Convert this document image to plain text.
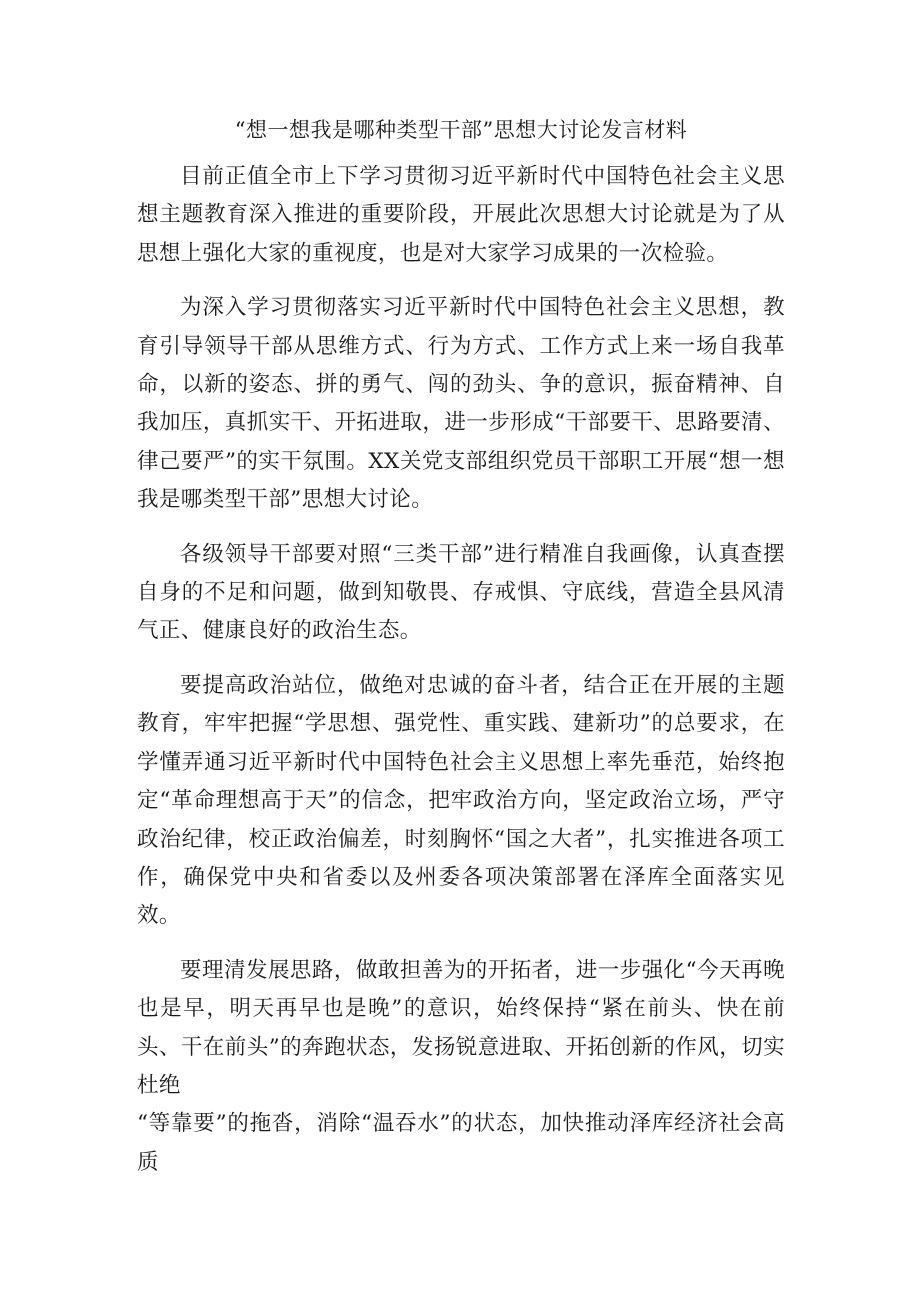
“想一想我是哪种类型干部”思想大讨论发言材料

目前正值全市上下学习贯彻习近平新时代中国特色社会主义思想主题教育深入推进的重要阶段，开展此次思想大讨论就是为了从思想上强化大家的重视度，也是对大家学习成果的一次检验。

为深入学习贯彻落实习近平新时代中国特色社会主义思想，教育引导领导干部从思维方式、行为方式、工作方式上来一场自我革命，以新的姿态、拼的勇气、闯的劲头、争的意识，振奋精神、自我加压，真抓实干、开拓进取，进一步形成“干部要干、思路要清、律己要严”的实干氛围。XX关党支部组织党员干部职工开展“想一想我是哪类型干部”思想大讨论。

各级领导干部要对照“三类干部”进行精准自我画像，认真查摆自身的不足和问题，做到知敬畏、存戒惧、守底线，营造全县风清气正、健康良好的政治生态。

要提高政治站位，做绝对忠诚的奋斗者，结合正在开展的主题教育，牢牢把握“学思想、强党性、重实践、建新功”的总要求，在学懂弄通习近平新时代中国特色社会主义思想上率先垂范，始终抱定“革命理想高于天”的信念，把牢政治方向，坚定政治立场，严守政治纪律，校正政治偏差，时刻胸怀“国之大者”，扎实推进各项工作，确保党中央和省委以及州委各项决策部署在泽库全面落实见效。

要理清发展思路，做敢担善为的开拓者，进一步强化“今天再晚也是早，明天再早也是晚”的意识，始终保持“紧在前头、快在前头、干在前头”的奔跑状态，发扬锐意进取、开拓创新的作风，切实杜绝

“等靠要”的拖沓，消除“温吞水”的状态，加快推动泽库经济社会高质
